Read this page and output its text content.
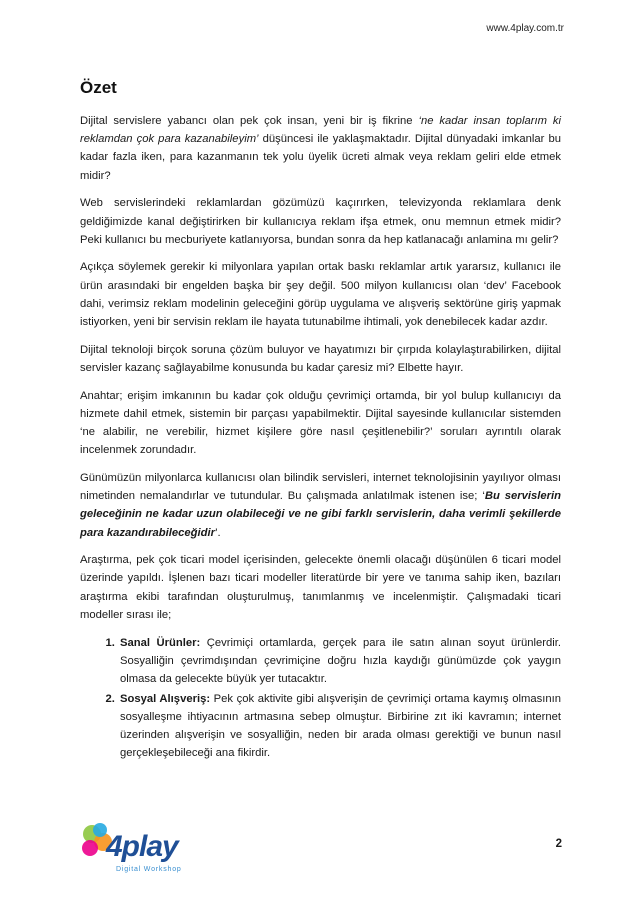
www.4play.com.tr
Özet

Dijital servislere yabancı olan pek çok insan, yeni bir iş fikrine ‘ne kadar insan toplarım ki reklamdan çok para kazanabileyim’ düşüncesi ile yaklaşmaktadır. Dijital dünyadaki imkanlar bu kadar fazla iken, para kazanmanın tek yolu üyelik ücreti almak veya reklam geliri elde etmek midir?

Web servislerindeki reklamlardan gözümüzü kaçırırken, televizyonda reklamlara denk geldiğimizde kanal değiştirirken bir kullanıcıya reklam ifşa etmek, onu memnun etmek midir? Peki kullanıcı bu mecburiyete katlanıyorsa, bundan sonra da hep katlanacağı anlamina mı gelir?

Açıkça söylemek gerekir ki milyonlara yapılan ortak baskı reklamlar artık yararsız, kullanıcı ile ürün arasındaki bir engelden başka bir şey değil. 500 milyon kullanıcısı olan ‘dev’ Facebook dahi, verimsiz reklam modelinin geleceğini görüp uygulama ve alışveriş sektörüne giriş yapmak istiyorken, yeni bir servisin reklam ile hayata tutunabilme ihtimali, yok denebilecek kadar azdır.

Dijital teknoloji birçok soruna çözüm buluyor ve hayatımızı bir çırpıda kolaylaştırabilirken, dijital servisler kazanç sağlayabilme konusunda bu kadar çaresiz mi? Elbette hayır.

Anahtar; erişim imkanının bu kadar çok olduğu çevrimiçi ortamda, bir yol bulup kullanıcıyı da hizmete dahil etmek, sistemin bir parçası yapabilmektir. Dijital sayesinde kullanıcılar sistemden ‘ne alabilir, ne verebilir, hizmet kişilere göre nasıl çeşitlenebilir?’ soruları ayrıntılı olarak incelenmek zorundadır.

Günümüzün milyonlarca kullanıcısı olan bilindik servisleri, internet teknolojisinin yayılıyor olması nimetinden nemalandırlar ve tutundular. Bu çalışmada anlatılmak istenen ise; ‘Bu servislerin geleceğinin ne kadar uzun olabileceği ve ne gibi farklı servislerin, daha verimli şekillerde para kazandırabileceğidir’.

Araştırma, pek çok ticari model içerisinden, gelecekte önemli olacağı düşünülen 6 ticari model üzerinde yapıldı. İşlenen bazı ticari modeller literatürde bir yere ve tanıma sahip iken, bazıları araştırma ekibi tarafından oluşturulmuş, tanımlanmış ve incelenmiştir. Çalışmadaki ticari modeller sırası ile;

1. Sanal Ürünler: Çevrimiçi ortamlarda, gerçek para ile satın alınan soyut ürünlerdir. Sosyalliğin çevrimdışından çevrimiçine doğru hızla kaydığı günümüzde çok yaygın olmasa da gelecekte büyük yer tutacaktır.
2. Sosyal Alışveriş: Pek çok aktivite gibi alışverişin de çevrimiçi ortama kaymış olmasının sosyalleşme ihtiyacının artmasına sebep olmuştur. Birbirine zıt iki kavramın; internet üzerinden alışverişin ve sosyalliğin, neden bir arada olması gerektiği ve bunun nasıl gerçekleşebileceği ana fikirdir.
4play
Digital Workshop
2
